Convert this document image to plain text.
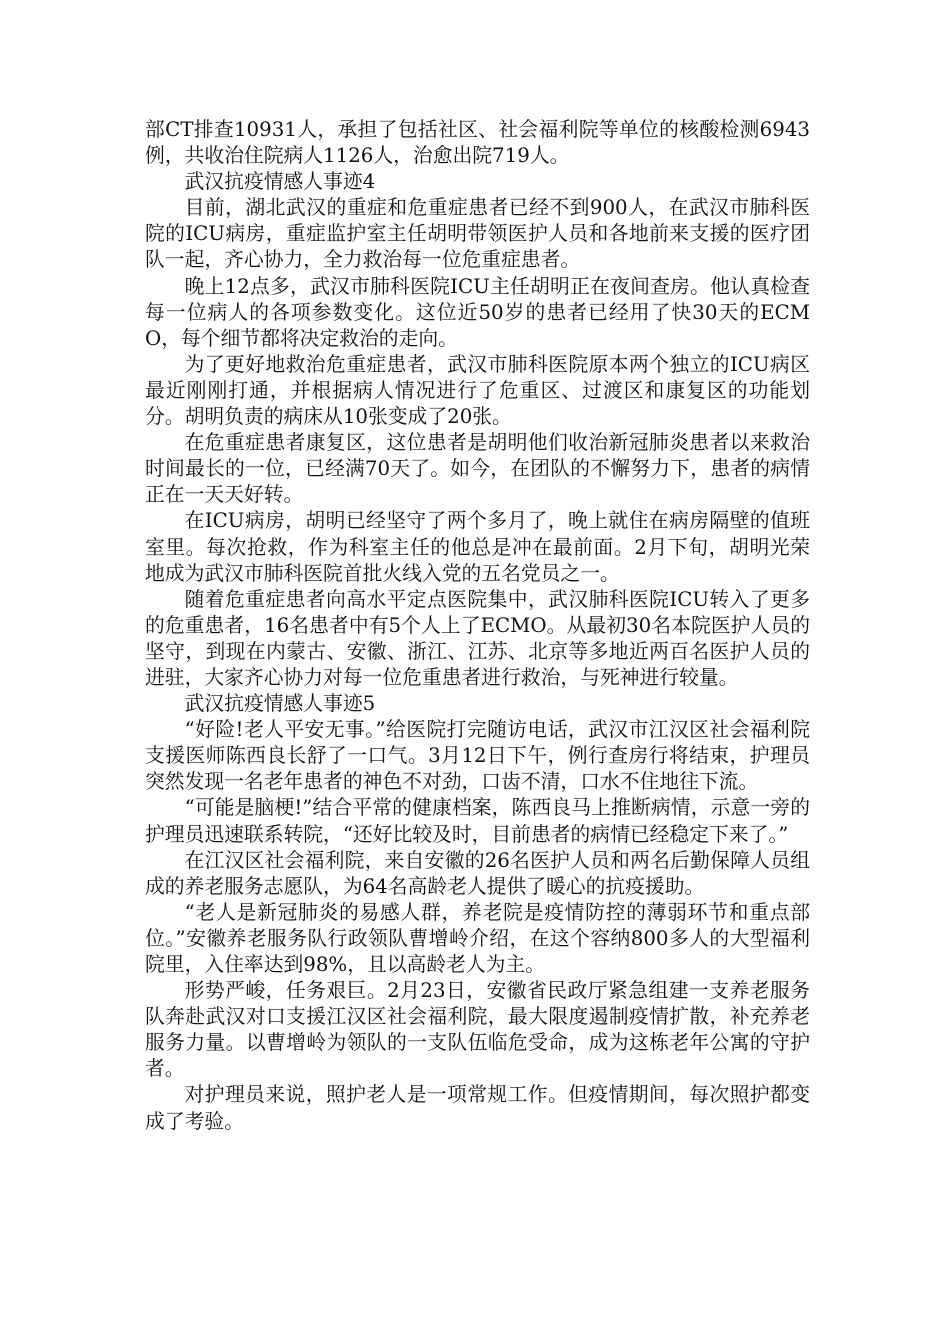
部CT排查10931人，承担了包括社区、社会福利院等单位的核酸检测6943例，共收治住院病人1126人，治愈出院719人。

武汉抗疫情感人事迹4

目前，湖北武汉的重症和危重症患者已经不到900人，在武汉市肺科医院的ICU病房，重症监护室主任胡明带领医护人员和各地前来支援的医疗团队一起，齐心协力，全力救治每一位危重症患者。

晚上12点多，武汉市肺科医院ICU主任胡明正在夜间查房。他认真检查每一位病人的各项参数变化。这位近50岁的患者已经用了快30天的ECMO，每个细节都将决定救治的走向。

为了更好地救治危重症患者，武汉市肺科医院原本两个独立的ICU病区最近刚刚打通，并根据病人情况进行了危重区、过渡区和康复区的功能划分。胡明负责的病床从10张变成了20张。

在危重症患者康复区，这位患者是胡明他们收治新冠肺炎患者以来救治时间最长的一位，已经满70天了。如今，在团队的不懈努力下，患者的病情正在一天天好转。

在ICU病房，胡明已经坚守了两个多月了，晚上就住在病房隔壁的值班室里。每次抢救，作为科室主任的他总是冲在最前面。2月下旬，胡明光荣地成为武汉市肺科医院首批火线入党的五名党员之一。

随着危重症患者向高水平定点医院集中，武汉肺科医院ICU转入了更多的危重患者，16名患者中有5个人上了ECMO。从最初30名本院医护人员的坚守，到现在内蒙古、安徽、浙江、江苏、北京等多地近两百名医护人员的进驻，大家齐心协力对每一位危重患者进行救治，与死神进行较量。

武汉抗疫情感人事迹5

“好险!老人平安无事。”给医院打完随访电话，武汉市江汉区社会福利院支援医师陈西良长舒了一口气。3月12日下午，例行查房行将结束，护理员突然发现一名老年患者的神色不对劲，口齿不清，口水不住地往下流。

“可能是脑梗!”结合平常的健康档案，陈西良马上推断病情，示意一旁的护理员迅速联系转院，“还好比较及时，目前患者的病情已经稳定下来了。”

在江汉区社会福利院，来自安徽的26名医护人员和两名后勤保障人员组成的养老服务志愿队，为64名高龄老人提供了暖心的抗疫援助。

“老人是新冠肺炎的易感人群，养老院是疫情防控的薄弱环节和重点部位。”安徽养老服务队行政领队曹增岭介绍，在这个容纳800多人的大型福利院里，入住率达到98%，且以高龄老人为主。

形势严峻，任务艰巨。2月23日，安徽省民政厅紧急组建一支养老服务队奔赴武汉对口支援江汉区社会福利院，最大限度遏制疫情扩散，补充养老服务力量。以曹增岭为领队的一支队伍临危受命，成为这栋老年公寓的守护者。

对护理员来说，照护老人是一项常规工作。但疫情期间，每次照护都变成了考验。
